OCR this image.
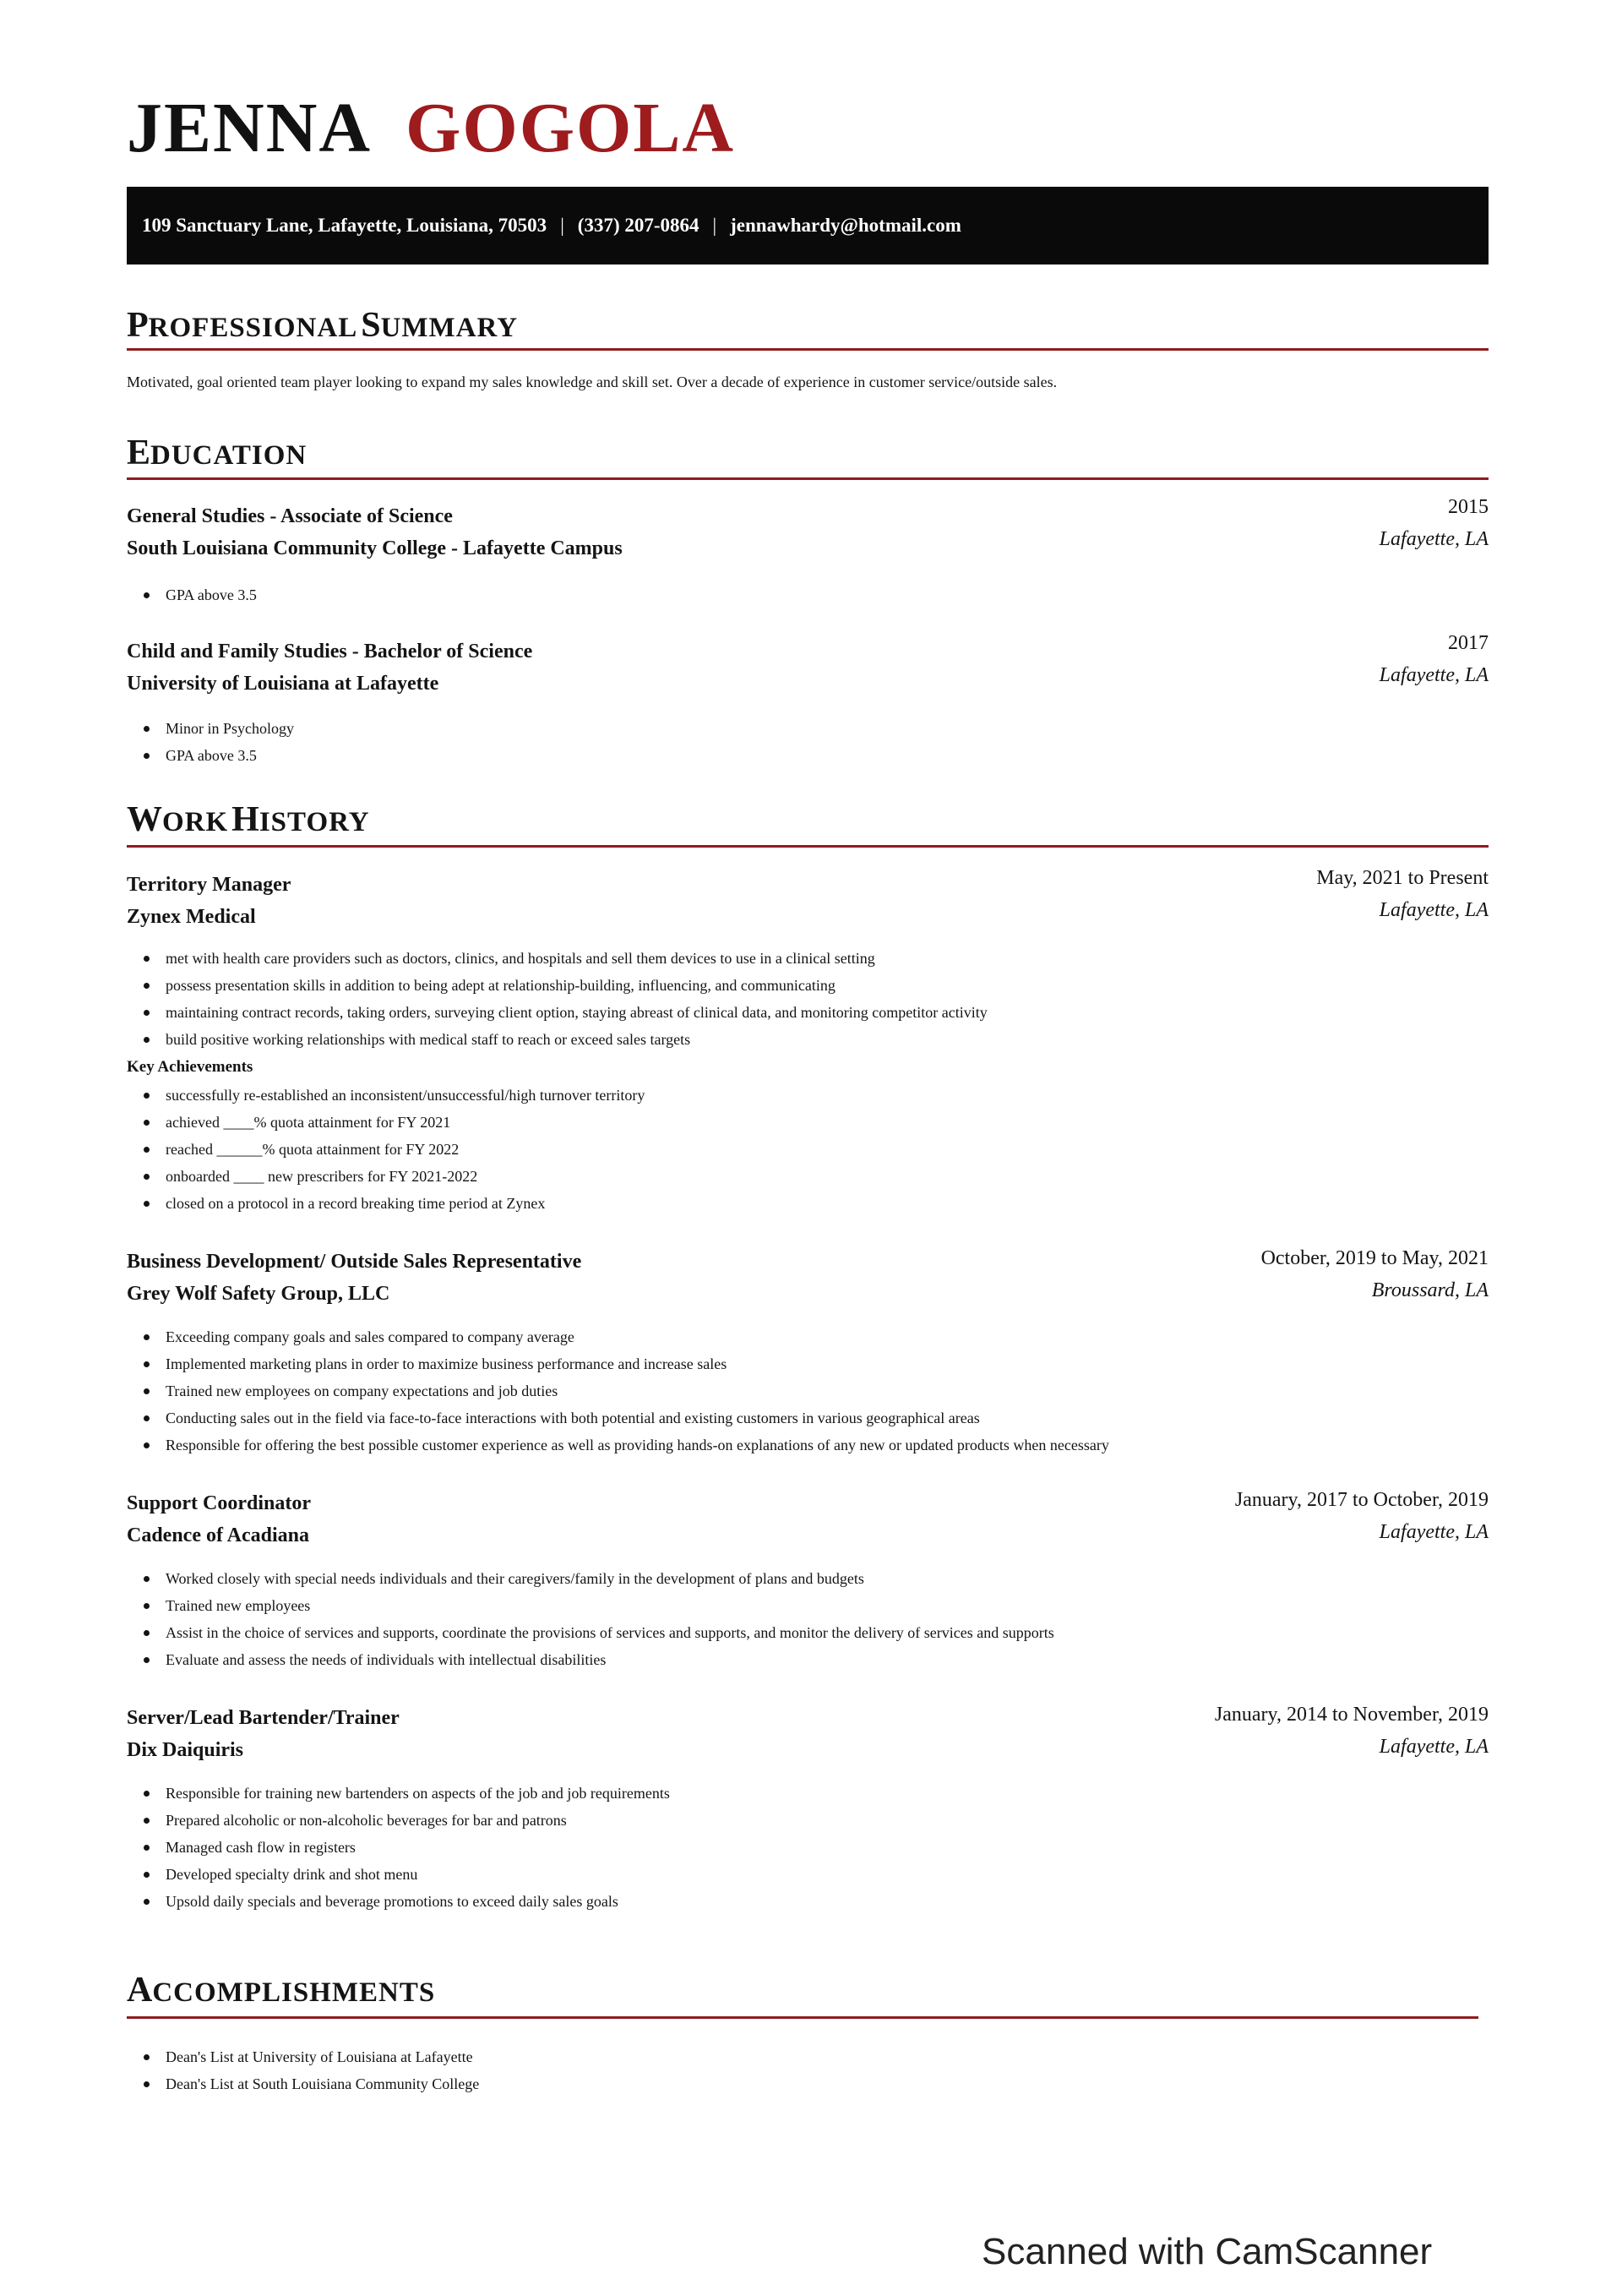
JENNA GOGOLA
109 Sanctuary Lane, Lafayette, Louisiana, 70503 | (337) 207-0864 | jennawhardy@hotmail.com
PROFESSIONAL SUMMARY
Motivated, goal oriented team player looking to expand my sales knowledge and skill set. Over a decade of experience in customer service/outside sales.
EDUCATION
General Studies - Associate of Science
South Louisiana Community College - Lafayette Campus
2015
Lafayette, LA
GPA above 3.5
Child and Family Studies - Bachelor of Science
University of Louisiana at Lafayette
2017
Lafayette, LA
Minor in Psychology
GPA above 3.5
WORK HISTORY
Territory Manager
Zynex Medical
May, 2021 to Present
Lafayette, LA
met with health care providers such as doctors, clinics, and hospitals and sell them devices to use in a clinical setting
possess presentation skills in addition to being adept at relationship-building, influencing, and communicating
maintaining contract records, taking orders, surveying client option, staying abreast of clinical data, and monitoring competitor activity
build positive working relationships with medical staff to reach or exceed sales targets
Key Achievements
successfully re-established an inconsistent/unsuccessful/high turnover territory
achieved ____% quota attainment for FY 2021
reached ______% quota attainment for FY 2022
onboarded ____ new prescribers for FY 2021-2022
closed on a protocol in a record breaking time period at Zynex
Business Development/ Outside Sales Representative
Grey Wolf Safety Group, LLC
October, 2019 to May, 2021
Broussard, LA
Exceeding company goals and sales compared to company average
Implemented marketing plans in order to maximize business performance and increase sales
Trained new employees on company expectations and job duties
Conducting sales out in the field via face-to-face interactions with both potential and existing customers in various geographical areas
Responsible for offering the best possible customer experience as well as providing hands-on explanations of any new or updated products when necessary
Support Coordinator
Cadence of Acadiana
January, 2017 to October, 2019
Lafayette, LA
Worked closely with special needs individuals and their caregivers/family in the development of plans and budgets
Trained new employees
Assist in the choice of services and supports, coordinate the provisions of services and supports, and monitor the delivery of services and supports
Evaluate and assess the needs of individuals with intellectual disabilities
Server/Lead Bartender/Trainer
Dix Daiquiris
January, 2014 to November, 2019
Lafayette, LA
Responsible for training new bartenders on aspects of the job and job requirements
Prepared alcoholic or non-alcoholic beverages for bar and patrons
Managed cash flow in registers
Developed specialty drink and shot menu
Upsold daily specials and beverage promotions to exceed daily sales goals
ACCOMPLISHMENTS
Dean's List at University of Louisiana at Lafayette
Dean's List at South Louisiana Community College
Scanned with CamScanner
